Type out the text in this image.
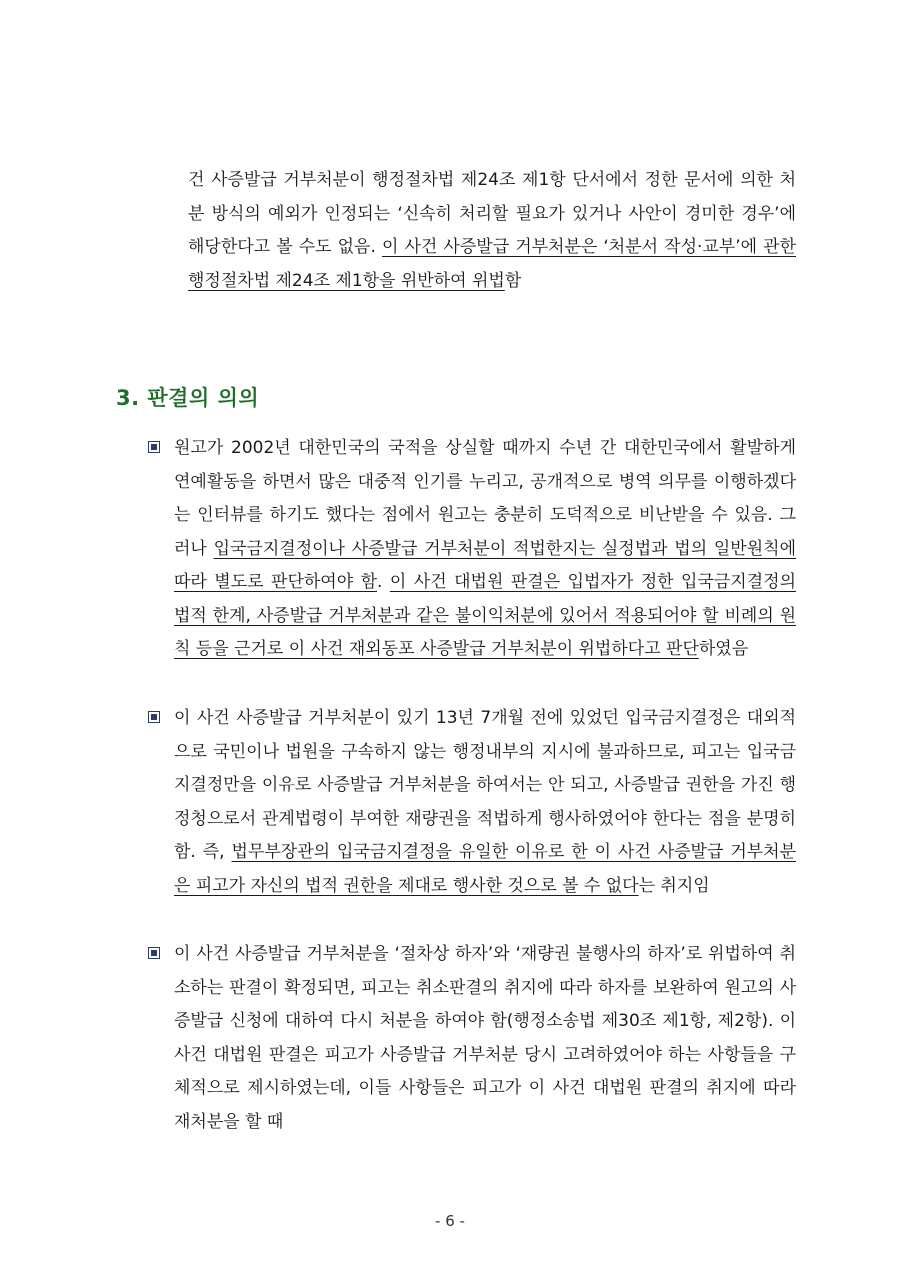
건 사증발급 거부처분이 행정절차법 제24조 제1항 단서에서 정한 문서에 의한 처분 방식의 예외가 인정되는 ‘신속히 처리할 필요가 있거나 사안이 경미한 경우’에 해당한다고 볼 수도 없음. 이 사건 사증발급 거부처분은 ‘처분서 작성·교부’에 관한 행정절차법 제24조 제1항을 위반하여 위법함
3. 판결의 의의
원고가 2002년 대한민국의 국적을 상실할 때까지 수년 간 대한민국에서 활발하게 연예활동을 하면서 많은 대중적 인기를 누리고, 공개적으로 병역 의무를 이행하겠다는 인터뷰를 하기도 했다는 점에서 원고는 충분히 도덕적으로 비난받을 수 있음. 그러나 입국금지결정이나 사증발급 거부처분이 적법한지는 실정법과 법의 일반원칙에 따라 별도로 판단하여야 함. 이 사건 대법원 판결은 입법자가 정한 입국금지결정의 법적 한계, 사증발급 거부처분과 같은 불이익처분에 있어서 적용되어야 할 비례의 원칙 등을 근거로 이 사건 재외동포 사증발급 거부처분이 위법하다고 판단하였음
이 사건 사증발급 거부처분이 있기 13년 7개월 전에 있었던 입국금지결정은 대외적으로 국민이나 법원을 구속하지 않는 행정내부의 지시에 불과하므로, 피고는 입국금지결정만을 이유로 사증발급 거부처분을 하여서는 안 되고, 사증발급 권한을 가진 행정청으로서 관계법령이 부여한 재량권을 적법하게 행사하였어야 한다는 점을 분명히 함. 즉, 법무부장관의 입국금지결정을 유일한 이유로 한 이 사건 사증발급 거부처분은 피고가 자신의 법적 권한을 제대로 행사한 것으로 볼 수 없다는 취지임
이 사건 사증발급 거부처분을 ‘절차상 하자’와 ‘재량권 불행사의 하자’로 위법하여 취소하는 판결이 확정되면, 피고는 취소판결의 취지에 따라 하자를 보완하여 원고의 사증발급 신청에 대하여 다시 처분을 하여야 함(행정소송법 제30조 제1항, 제2항). 이 사건 대법원 판결은 피고가 사증발급 거부처분 당시 고려하였어야 하는 사항들을 구체적으로 제시하였는데, 이들 사항들은 피고가 이 사건 대법원 판결의 취지에 따라 재처분을 할 때
- 6 -
